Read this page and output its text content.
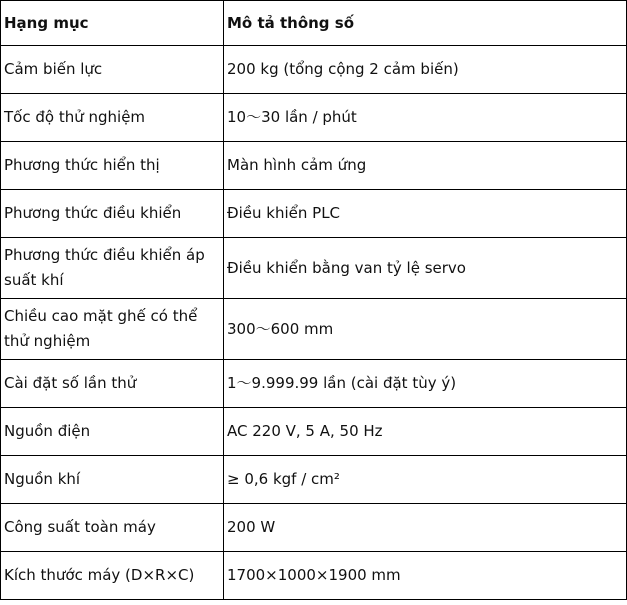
Hạng mục	Mô tả thông số
Cảm biến lực	200 kg (tổng cộng 2 cảm biến)
Tốc độ thử nghiệm	10～30 lần / phút
Phương thức hiển thị	Màn hình cảm ứng
Phương thức điều khiển	Điều khiển PLC
Phương thức điều khiển áp suất khí	Điều khiển bằng van tỷ lệ servo
Chiều cao mặt ghế có thể thử nghiệm	300～600 mm
Cài đặt số lần thử	1～9.999.99 lần (cài đặt tùy ý)
Nguồn điện	AC 220 V, 5 A, 50 Hz
Nguồn khí	≥ 0,6 kgf / cm²
Công suất toàn máy	200 W
Kích thước máy (D×R×C)	1700×1000×1900 mm
